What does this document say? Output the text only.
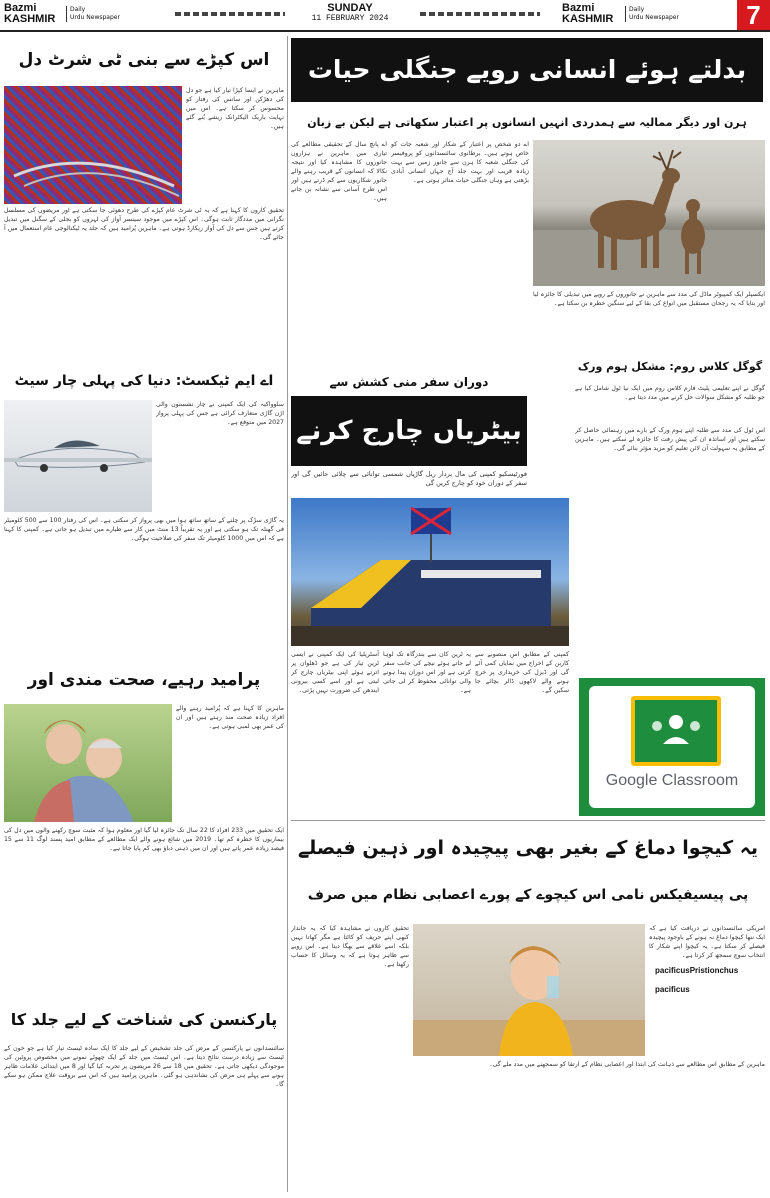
Bazmi
KASHMIR
Daily
Urdu Newspaper
SUNDAY
11 FEBRUARY 2024
Bazmi
KASHMIR
Daily
Urdu Newspaper	7
بدلتے ہوئے انسانی رویے جنگلی حیات
ہرن اور دیگر ممالیہ سے ہمدردی انہیں انسانوں پر اعتبار سکھاتی ہے لیکن بے زبان
اے دو شخص پر اعتبار کے شکار اور شعبہ جات کو خاص ہوتے ہیں۔ برطانوی سائنسدانوں کو پروفیسر کی جنگلی شعبہ کا ہرن سے جانور زمین سے بہت زیادہ قریب اور بہت جلد آج جہاں انسانی آبادی بڑھتی ہے وہاں جنگلی حیات متاثر ہوتی ہے۔
اے پانچ سال کے تحقیقی مطالعے کی تیاری میں ماہرین نے ہزاروں جانوروں کا مشاہدہ کیا اور نتیجہ نکالا کہ انسانوں کے قریب رہنے والے جانور شکاریوں سے کم ڈرتے ہیں اور اس طرح آسانی سے نشانہ بن جاتے ہیں۔
ایکسپلر ایک کمپیوٹر ماڈل کی مدد سے ماہرین نے جانوروں کے رویے میں تبدیلی کا جائزہ لیا اور بتایا کہ یہ رجحان مستقبل میں انواع کی بقا کے لیے سنگین خطرہ بن سکتا ہے۔
اس کپڑے سے بنی ٹی شرٹ دل
ماہرین نے ایسا کپڑا تیار کیا ہے جو دل کی دھڑکن اور سانس کی رفتار کو محسوس کر سکتا ہے۔ اس میں نہایت باریک الیکٹرانک ریشے بُنے گئے ہیں۔
تحقیق کاروں کا کہنا ہے کہ یہ ٹی شرٹ عام کپڑے کی طرح دھوئی جا سکتی ہے اور مریضوں کی مسلسل نگرانی میں مددگار ثابت ہوگی۔ اس کپڑے میں موجود سینسر آواز کی لہروں کو بجلی کے سگنل میں تبدیل کرتے ہیں جس سے دل کی آواز ریکارڈ ہوتی ہے۔ ماہرین پُرامید ہیں کہ جلد یہ ٹیکنالوجی عام استعمال میں آ جائے گی۔
اے ایم ٹیکسٹ: دنیا کی پہلی چار سیٹ
سلوواکیہ کی ایک کمپنی نے چار نشستوں والی اڑن گاڑی متعارف کرائی ہے جس کی پہلی پرواز 2027 میں متوقع ہے۔
یہ گاڑی سڑک پر چلنے کے ساتھ ساتھ ہوا میں بھی پرواز کر سکتی ہے۔ اس کی رفتار 100 سے 500 کلومیٹر فی گھنٹہ تک ہو سکتی ہے اور یہ تقریباً 13 منٹ میں کار سے طیارے میں تبدیل ہو جاتی ہے۔ کمپنی کا کہنا ہے کہ اس میں 1000 کلومیٹر تک سفر کی صلاحیت ہوگی۔
پرامید رہیے، صحت مندی اور
ماہرین کا کہنا ہے کہ پُرامید رہنے والے افراد زیادہ صحت مند رہتے ہیں اور ان کی عمر بھی لمبی ہوتی ہے۔
ایک تحقیق میں 233 افراد کا 22 سال تک جائزہ لیا گیا اور معلوم ہوا کہ مثبت سوچ رکھنے والوں میں دل کی بیماریوں کا خطرہ کم تھا۔ 2019 میں شائع ہونے والے ایک مطالعے کے مطابق امید پسند لوگ 11 سے 15 فیصد زیادہ عمر پاتے ہیں اور ان میں ذہنی دباؤ بھی کم پایا جاتا ہے۔
پارکنسن کی شناخت کے لیے جلد کا
سائنسدانوں نے پارکنسن کے مرض کی جلد تشخیص کے لیے جلد کا ایک سادہ ٹیسٹ تیار کیا ہے جو خون کے ٹیسٹ سے زیادہ درست نتائج دیتا ہے۔ اس ٹیسٹ میں جلد کے ایک چھوٹے نمونے میں مخصوص پروٹین کی موجودگی دیکھی جاتی ہے۔ تحقیق میں 18 سے 26 مریضوں پر تجربہ کیا گیا اور 8 میں ابتدائی علامات ظاہر ہونے سے پہلے ہی مرض کی نشاندہی ہو گئی۔ ماہرین پرامید ہیں کہ اس سے بروقت علاج ممکن ہو سکے گا۔
دوران سفر منی کشش سے
بیٹریاں چارج کرنے
فورٹیسکیو کمپنی کی مال بردار ریل گاڑیاں شمسی توانائی سے چلائی جائیں گی اور سفر کے دوران خود کو چارج کریں گی
آسٹریلیا کی ایک کمپنی نے ایسی ٹرین تیار کی ہے جو ڈھلوان پر اترتے ہوئے اپنی بیٹریاں چارج کر لیتی ہے اور اسے کسی بیرونی ایندھن کی ضرورت نہیں پڑتی۔
یہ ٹرین کان سے بندرگاہ تک لوہا لے جاتے ہوئے نیچے کی جانب سفر کرتی ہے اور اس دوران پیدا ہونے والی توانائی محفوظ کر لی جاتی ہے۔
کمپنی کے مطابق اس منصوبے سے کاربن کے اخراج میں نمایاں کمی آئے گی اور ڈیزل کی خریداری پر خرچ ہونے والے لاکھوں ڈالر بچائے جا سکیں گے۔
گوگل کلاس روم: مشکل ہوم ورک
گوگل نے اپنے تعلیمی پلیٹ فارم کلاس روم میں ایک نیا ٹول شامل کیا ہے جو طلبہ کو مشکل سوالات حل کرنے میں مدد دیتا ہے۔
اس ٹول کی مدد سے طلبہ اپنے ہوم ورک کے بارے میں رہنمائی حاصل کر سکتے ہیں اور اساتذہ ان کی پیش رفت کا جائزہ لے سکتے ہیں۔ ماہرین کے مطابق یہ سہولت آن لائن تعلیم کو مزید مؤثر بنائے گی۔
Google Classroom
یہ کیچوا دماغ کے بغیر بھی پیچیدہ اور ذہین فیصلے
پی پیسیفیکس نامی اس کیچوے کے پورے اعصابی نظام میں صرف
امریکی سائنسدانوں نے دریافت کیا ہے کہ ایک ننھا کیچوا دماغ نہ ہونے کے باوجود پیچیدہ فیصلے کر سکتا ہے۔ یہ کیچوا اپنے شکار کا انتخاب سوچ سمجھ کر کرتا ہے۔
pacificusPristionchus
pacificus
تحقیق کاروں نے مشاہدہ کیا کہ یہ جاندار کبھی اپنے حریف کو کاٹتا ہے مگر کھاتا نہیں بلکہ اسے علاقے سے بھگا دیتا ہے۔ اس رویے سے ظاہر ہوتا ہے کہ یہ وسائل کا حساب رکھتا ہے۔
ماہرین کے مطابق اس مطالعے سے ذہانت کی ابتدا اور اعصابی نظام کے ارتقا کو سمجھنے میں مدد ملے گی۔
